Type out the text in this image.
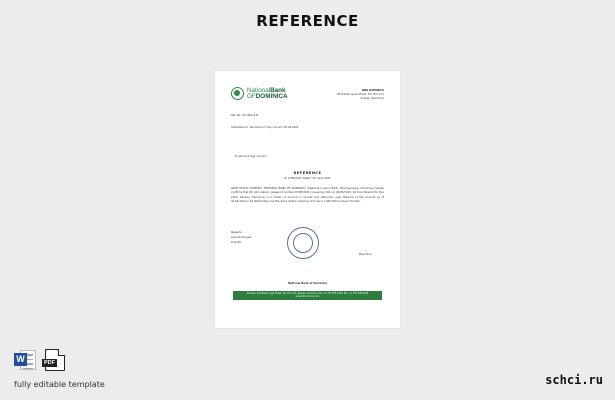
REFERENCE
NationalBank
OFDOMINICA
NBD DOMINICA
64 Hillsborough Street, P.O. Box 271
Roseau, Dominica
Ref. No: 01-1002/3-B
Addressed to: the whom it may concern 30.04.2021
To whom it may concern
REFERENCE
№ 1789/2021 dated "30" April 2021
JOINT STOCK COMPANY "NATIONAL BANK OF DOMINICA" (National Coupon Bank, Pharmacopeia, Dominica) hereby confirms that Mr. John Gibson (passport number 0745533211 issued by OCL on 20/05/2015, 24 Cork Street, P.O. Box 1209, Roseau, Dominica) is a holder of account in current and restriction year. Balance of the account as of 30.04.2021 is 10 000 Dollars one thousand dollars, balance of funds is 1 000 000 hundred of limits.
Regards,
Anna Rodriguez
Director
Blue Farro
National Bank of Dominica
Address: 64 Hillsborough Street, P.O. Box 271, Roseau, Dominica, Tel: +1 767 255-2300, Fax: +1 767 448-3982
www.nbdominica.com
W	PDF
fully editable template	schci.ru
